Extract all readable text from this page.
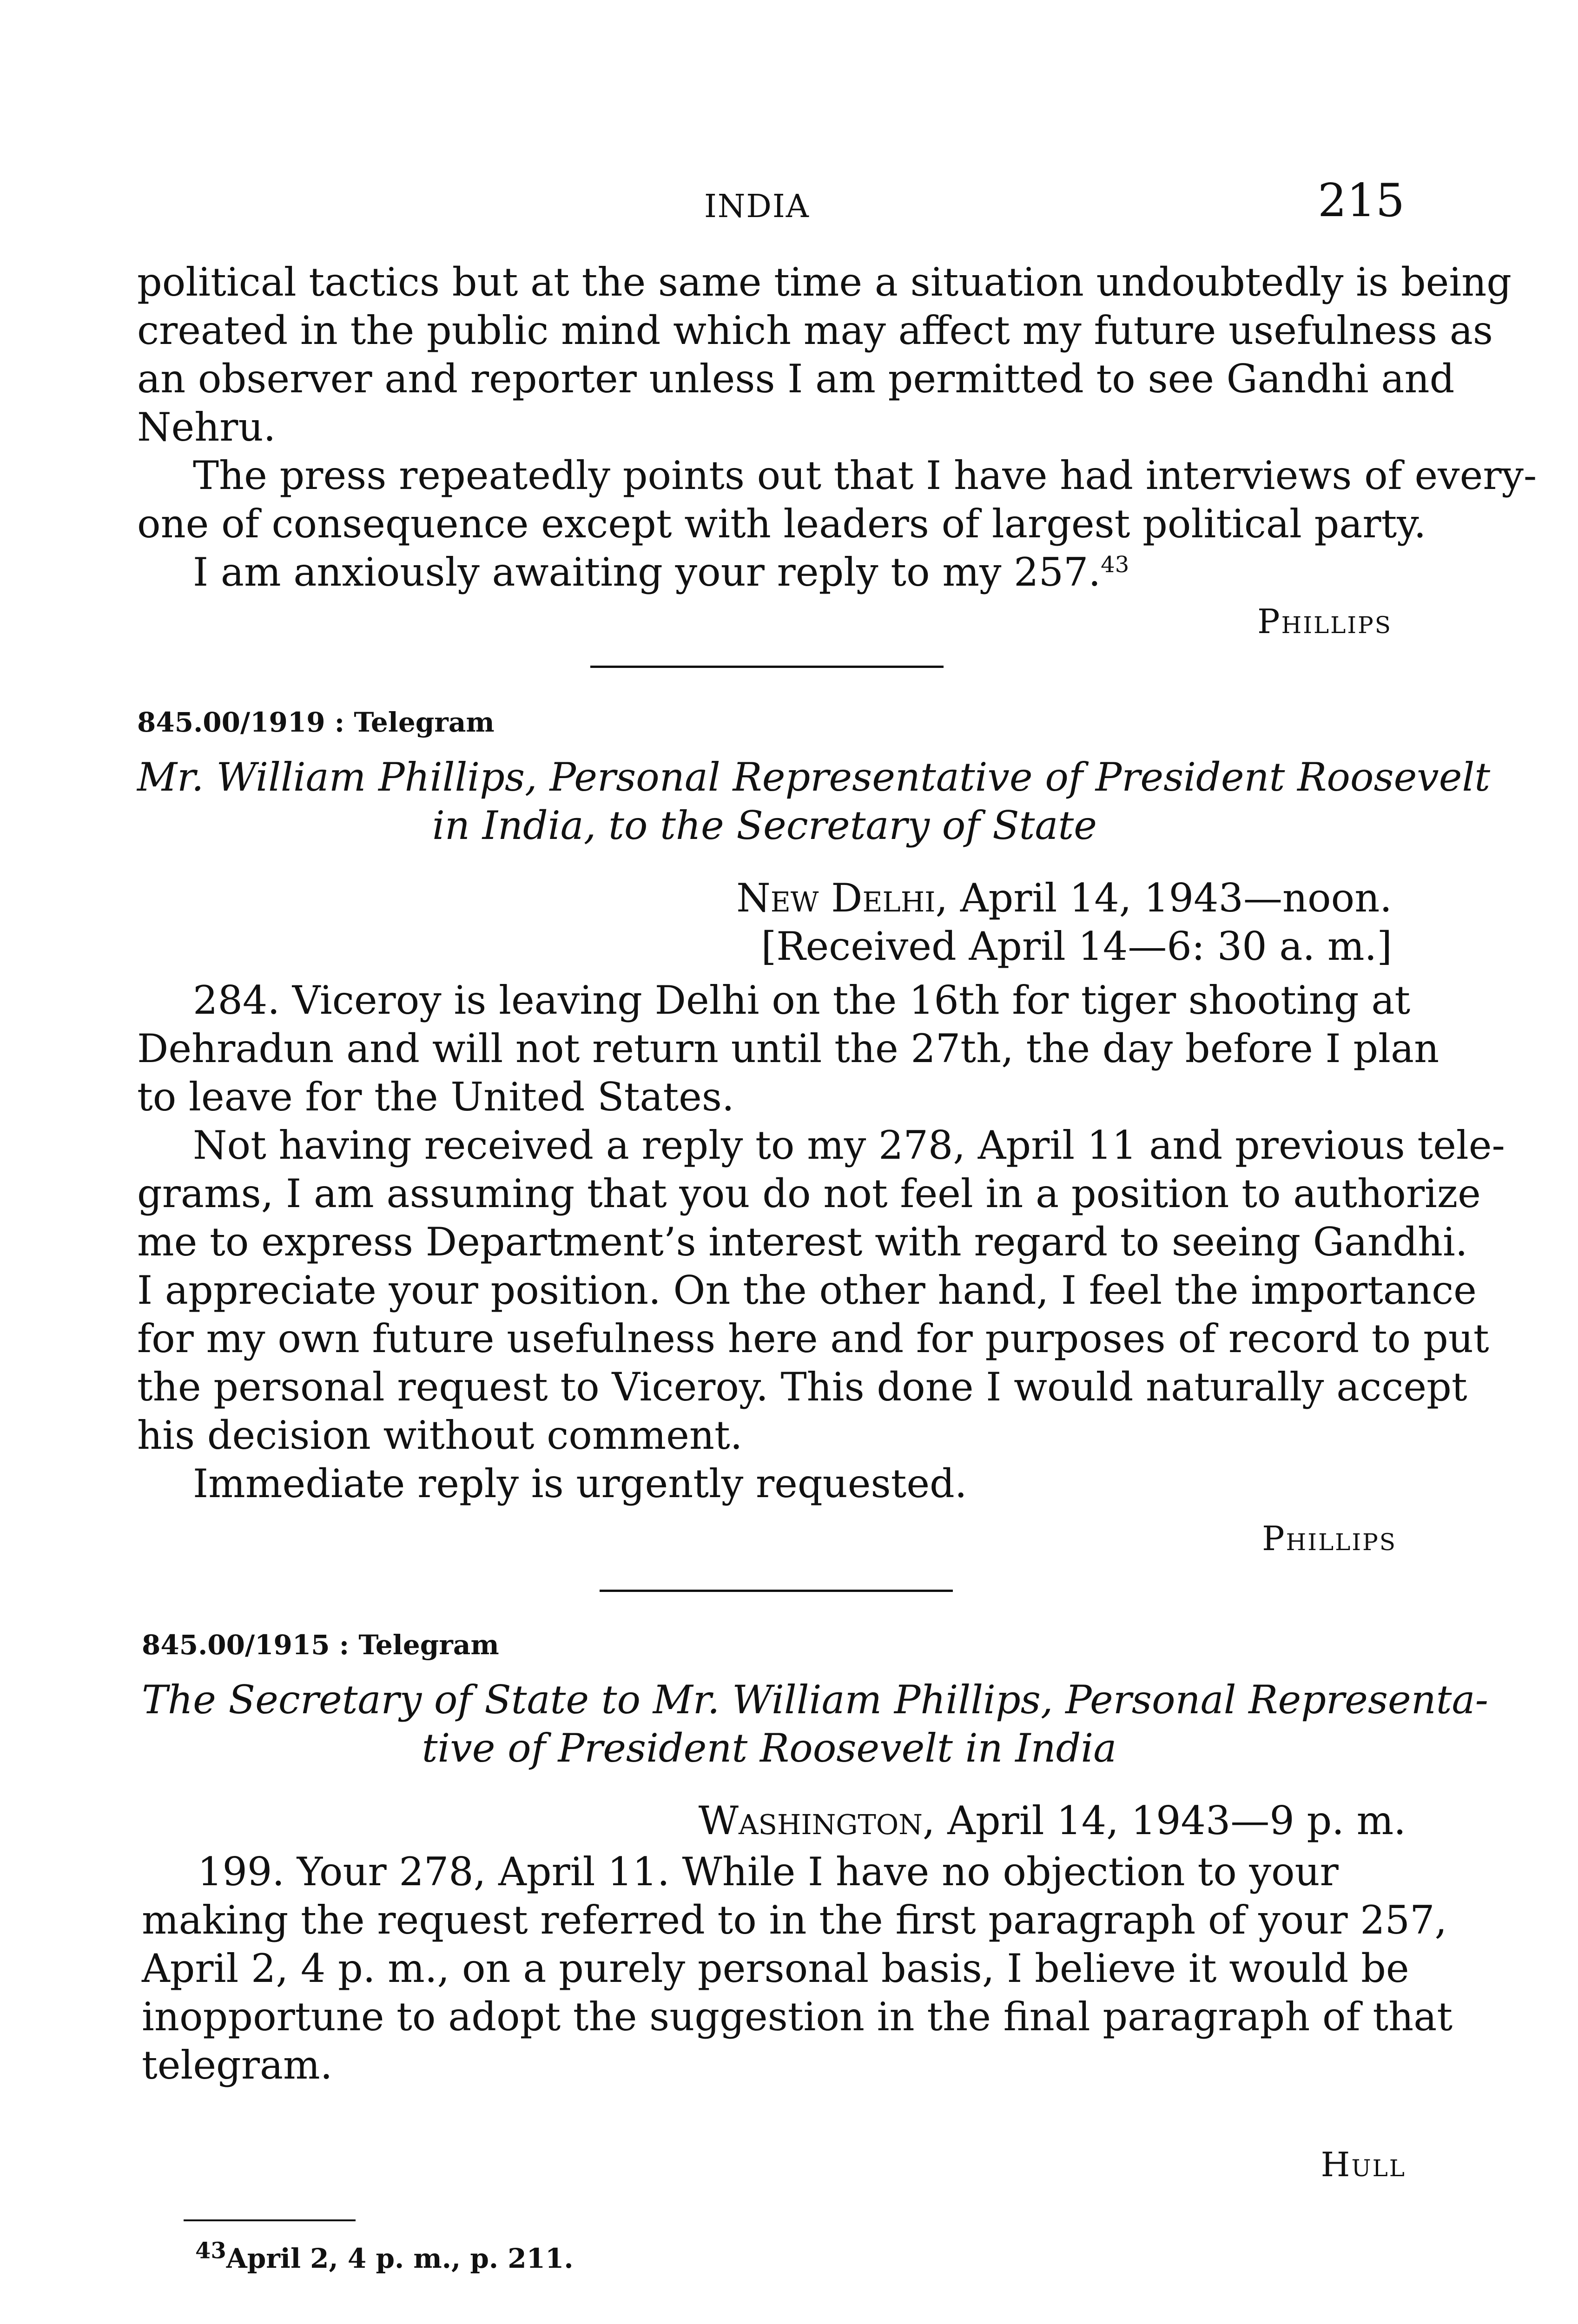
INDIA	215
political tactics but at the same time a situation undoubtedly is being
created in the public mind which may affect my future usefulness as
an observer and reporter unless I am permitted to see Gandhi and
Nehru.
The press repeatedly points out that I have had interviews of every-
one of consequence except with leaders of largest political party.
I am anxiously awaiting your reply to my 257.43
Phillips
845.00/1919 : Telegram
Mr. William Phillips, Personal Representative of President Roosevelt
in India, to the Secretary of State
New Delhi, April 14, 1943—noon.
[Received April 14—6: 30 a. m.]
284. Viceroy is leaving Delhi on the 16th for tiger shooting at
Dehradun and will not return until the 27th, the day before I plan
to leave for the United States.
Not having received a reply to my 278, April 11 and previous tele-
grams, I am assuming that you do not feel in a position to authorize
me to express Department’s interest with regard to seeing Gandhi.
I appreciate your position. On the other hand, I feel the importance
for my own future usefulness here and for purposes of record to put
the personal request to Viceroy. This done I would naturally accept
his decision without comment.
Immediate reply is urgently requested.
Phillips
845.00/1915 : Telegram
The Secretary of State to Mr. William Phillips, Personal Representa-
tive of President Roosevelt in India
Washington, April 14, 1943—9 p. m.
199. Your 278, April 11. While I have no objection to your
making the request referred to in the first paragraph of your 257,
April 2, 4 p. m., on a purely personal basis, I believe it would be
inopportune to adopt the suggestion in the final paragraph of that
telegram.
Hull
$^{43}$April 2, 4 p. m., p. 211.
